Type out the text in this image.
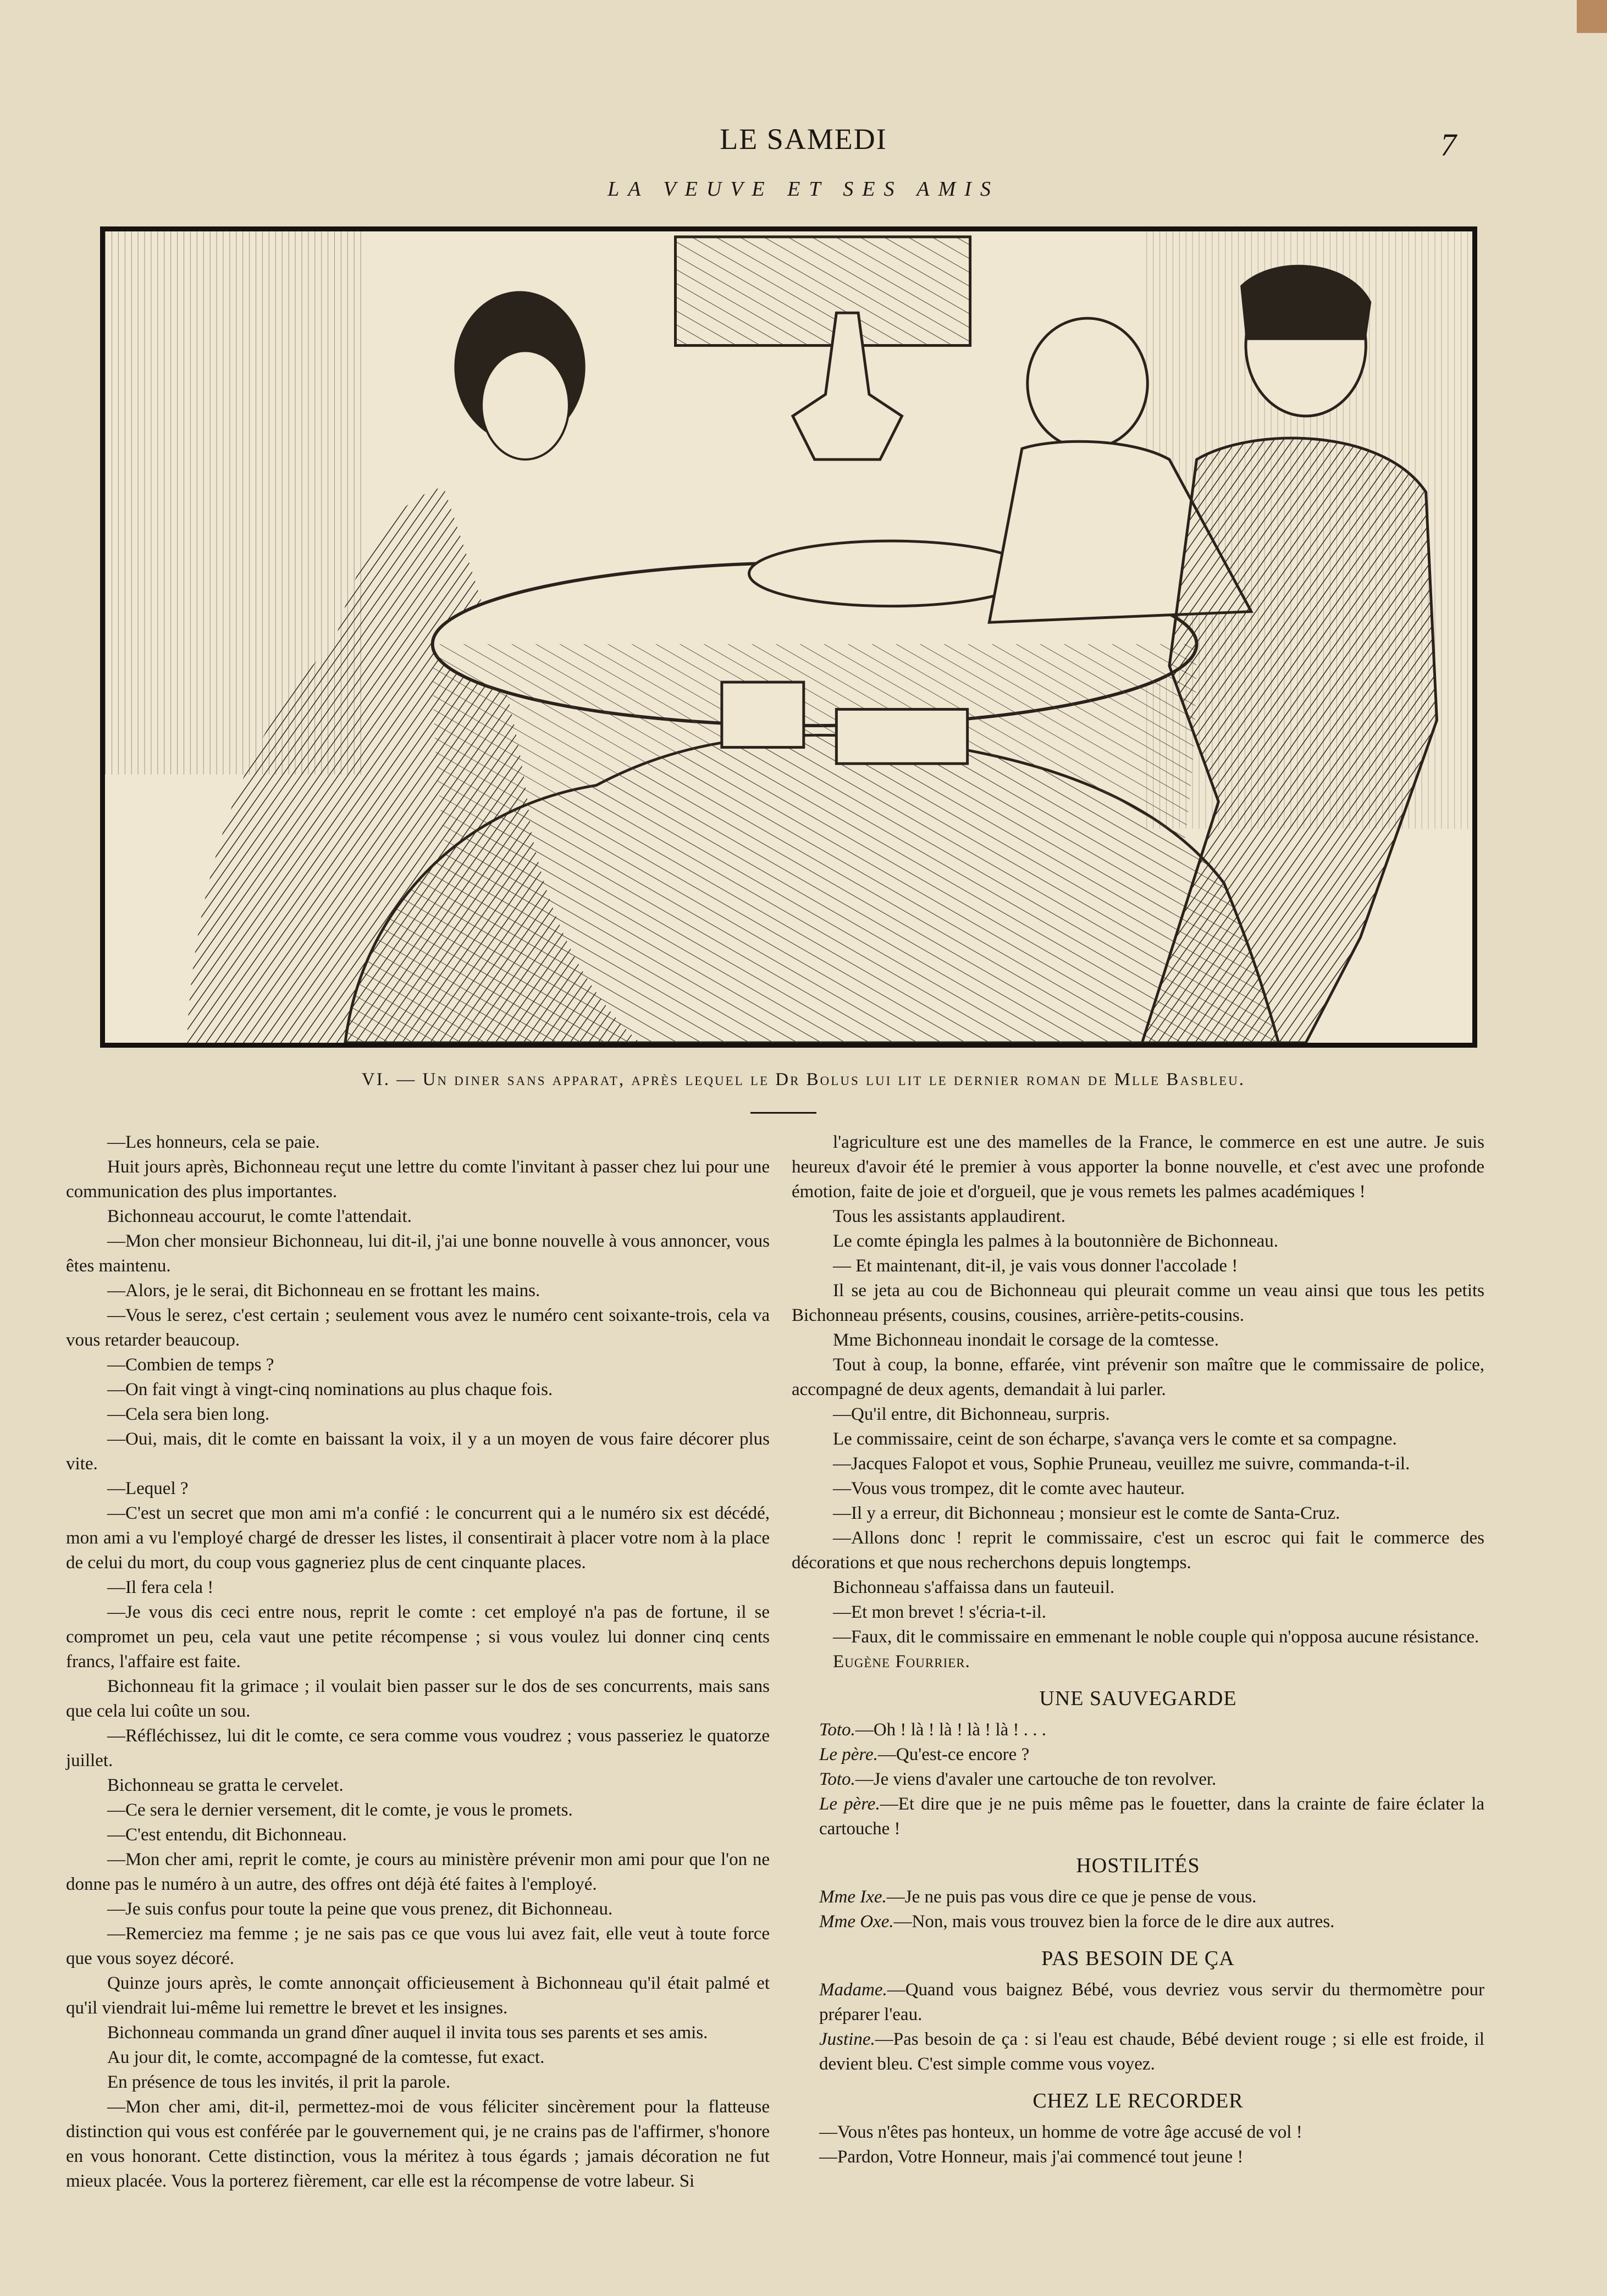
LE SAMEDI	7
LA VEUVE ET SES AMIS
VI. — Un diner sans apparat, après lequel le Dr Bolus lui lit le dernier roman de Mlle Basbleu.

—Les honneurs, cela se paie.

Huit jours après, Bichonneau reçut une lettre du comte l'invitant à passer chez lui pour une communication des plus importantes.

Bichonneau accourut, le comte l'attendait.

—Mon cher monsieur Bichonneau, lui dit-il, j'ai une bonne nouvelle à vous annoncer, vous êtes maintenu.

—Alors, je le serai, dit Bichonneau en se frottant les mains.

—Vous le serez, c'est certain ; seulement vous avez le numéro cent soixante-trois, cela va vous retarder beaucoup.

—Combien de temps ?

—On fait vingt à vingt-cinq nominations au plus chaque fois.

—Cela sera bien long.

—Oui, mais, dit le comte en baissant la voix, il y a un moyen de vous faire décorer plus vite.

—Lequel ?

—C'est un secret que mon ami m'a confié : le concurrent qui a le numéro six est décédé, mon ami a vu l'employé chargé de dresser les listes, il consentirait à placer votre nom à la place de celui du mort, du coup vous gagneriez plus de cent cinquante places.

—Il fera cela !

—Je vous dis ceci entre nous, reprit le comte : cet employé n'a pas de fortune, il se compromet un peu, cela vaut une petite récompense ; si vous voulez lui donner cinq cents francs, l'affaire est faite.

Bichonneau fit la grimace ; il voulait bien passer sur le dos de ses concurrents, mais sans que cela lui coûte un sou.

—Réfléchissez, lui dit le comte, ce sera comme vous voudrez ; vous passeriez le quatorze juillet.

Bichonneau se gratta le cervelet.

—Ce sera le dernier versement, dit le comte, je vous le promets.

—C'est entendu, dit Bichonneau.

—Mon cher ami, reprit le comte, je cours au ministère prévenir mon ami pour que l'on ne donne pas le numéro à un autre, des offres ont déjà été faites à l'employé.

—Je suis confus pour toute la peine que vous prenez, dit Bichonneau.

—Remerciez ma femme ; je ne sais pas ce que vous lui avez fait, elle veut à toute force que vous soyez décoré.

Quinze jours après, le comte annonçait officieusement à Bichonneau qu'il était palmé et qu'il viendrait lui-même lui remettre le brevet et les insignes.

Bichonneau commanda un grand dîner auquel il invita tous ses parents et ses amis.

Au jour dit, le comte, accompagné de la comtesse, fut exact.

En présence de tous les invités, il prit la parole.

—Mon cher ami, dit-il, permettez-moi de vous féliciter sincèrement pour la flatteuse distinction qui vous est conférée par le gouvernement qui, je ne crains pas de l'affirmer, s'honore en vous honorant. Cette distinction, vous la méritez à tous égards ; jamais décoration ne fut mieux placée. Vous la porterez fièrement, car elle est la récompense de votre labeur. Si

l'agriculture est une des mamelles de la France, le commerce en est une autre. Je suis heureux d'avoir été le premier à vous apporter la bonne nouvelle, et c'est avec une profonde émotion, faite de joie et d'orgueil, que je vous remets les palmes académiques !

Tous les assistants applaudirent.

Le comte épingla les palmes à la boutonnière de Bichonneau.

— Et maintenant, dit-il, je vais vous donner l'accolade !

Il se jeta au cou de Bichonneau qui pleurait comme un veau ainsi que tous les petits Bichonneau présents, cousins, cousines, arrière-petits-cousins.

Mme Bichonneau inondait le corsage de la comtesse.

Tout à coup, la bonne, effarée, vint prévenir son maître que le commissaire de police, accompagné de deux agents, demandait à lui parler.

—Qu'il entre, dit Bichonneau, surpris.

Le commissaire, ceint de son écharpe, s'avança vers le comte et sa compagne.

—Jacques Falopot et vous, Sophie Pruneau, veuillez me suivre, commanda-t-il.

—Vous vous trompez, dit le comte avec hauteur.

—Il y a erreur, dit Bichonneau ; monsieur est le comte de Santa-Cruz.

—Allons donc ! reprit le commissaire, c'est un escroc qui fait le commerce des décorations et que nous recherchons depuis longtemps.

Bichonneau s'affaissa dans un fauteuil.

—Et mon brevet ! s'écria-t-il.

—Faux, dit le commissaire en emmenant le noble couple qui n'opposa aucune résistance.

Eugène Fourrier.

UNE SAUVEGARDE

Toto.—Oh ! là ! là ! là ! là ! . . .

Le père.—Qu'est-ce encore ?

Toto.—Je viens d'avaler une cartouche de ton revolver.

Le père.—Et dire que je ne puis même pas le fouetter, dans la crainte de faire éclater la cartouche !

HOSTILITÉS

Mme Ixe.—Je ne puis pas vous dire ce que je pense de vous.

Mme Oxe.—Non, mais vous trouvez bien la force de le dire aux autres.

PAS BESOIN DE ÇA

Madame.—Quand vous baignez Bébé, vous devriez vous servir du thermomètre pour préparer l'eau.

Justine.—Pas besoin de ça : si l'eau est chaude, Bébé devient rouge ; si elle est froide, il devient bleu. C'est simple comme vous voyez.

CHEZ LE RECORDER

—Vous n'êtes pas honteux, un homme de votre âge accusé de vol !

—Pardon, Votre Honneur, mais j'ai commencé tout jeune !
